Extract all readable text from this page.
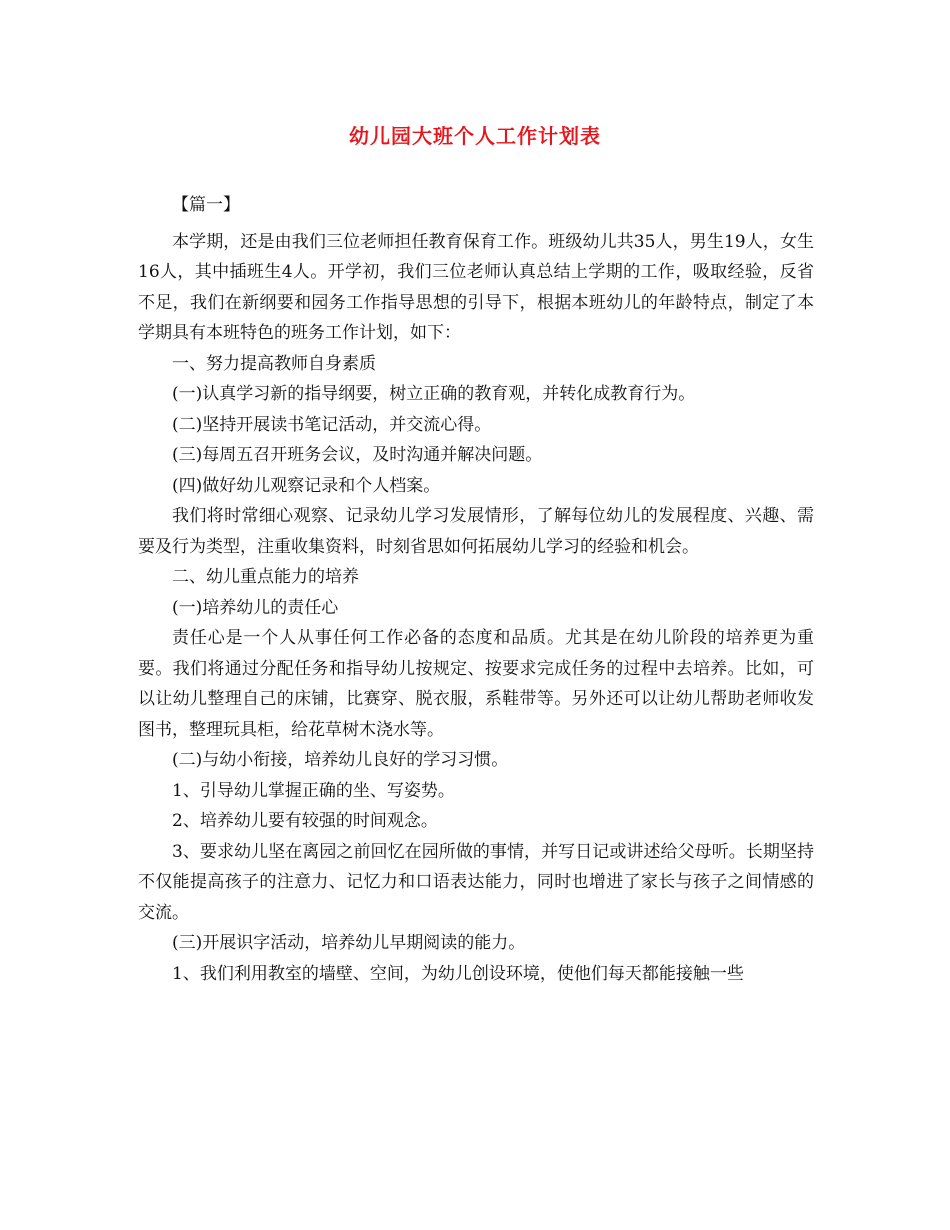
幼儿园大班个人工作计划表

【篇一】

本学期，还是由我们三位老师担任教育保育工作。班级幼儿共35人，男生19人，女生16人，其中插班生4人。开学初，我们三位老师认真总结上学期的工作，吸取经验，反省不足，我们在新纲要和园务工作指导思想的引导下，根据本班幼儿的年龄特点，制定了本学期具有本班特色的班务工作计划，如下：

一、努力提高教师自身素质

(一)认真学习新的指导纲要，树立正确的教育观，并转化成教育行为。

(二)坚持开展读书笔记活动，并交流心得。

(三)每周五召开班务会议，及时沟通并解决问题。

(四)做好幼儿观察记录和个人档案。

我们将时常细心观察、记录幼儿学习发展情形，了解每位幼儿的发展程度、兴趣、需要及行为类型，注重收集资料，时刻省思如何拓展幼儿学习的经验和机会。

二、幼儿重点能力的培养

(一)培养幼儿的责任心

责任心是一个人从事任何工作必备的态度和品质。尤其是在幼儿阶段的培养更为重要。我们将通过分配任务和指导幼儿按规定、按要求完成任务的过程中去培养。比如，可以让幼儿整理自己的床铺，比赛穿、脱衣服，系鞋带等。另外还可以让幼儿帮助老师收发图书，整理玩具柜，给花草树木浇水等。

(二)与幼小衔接，培养幼儿良好的学习习惯。

1、引导幼儿掌握正确的坐、写姿势。

2、培养幼儿要有较强的时间观念。

3、要求幼儿坚在离园之前回忆在园所做的事情，并写日记或讲述给父母听。长期坚持不仅能提高孩子的注意力、记忆力和口语表达能力，同时也增进了家长与孩子之间情感的交流。

(三)开展识字活动，培养幼儿早期阅读的能力。

1、我们利用教室的墙壁、空间，为幼儿创设环境，使他们每天都能接触一些
